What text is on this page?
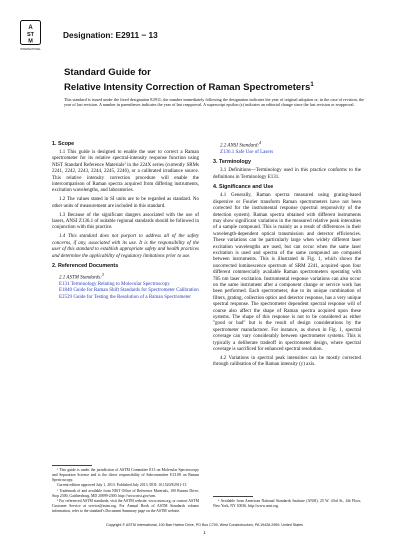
A
ST
M
INTERNATIONAL
Designation: E2911 − 13
Standard Guide for
Relative Intensity Correction of Raman Spectrometers$^1$
This standard is issued under the fixed designation E2911; the number immediately following the designation indicates the year of original adoption or, in the case of revision, the year of last revision. A number in parentheses indicates the year of last reapproval. A superscript epsilon (ε) indicates an editorial change since the last revision or reapproval.
1. Scope
1.1 This guide is designed to enable the user to correct a Raman spectrometer for its relative spectral-intensity response function using NIST Standard Reference Materials² in the 224X series (currently SRMs 2241, 2242, 2243, 2244, 2245, 2246), or a calibrated irradiance source. This relative intensity correction procedure will enable the intercomparison of Raman spectra acquired from differing instruments, excitation wavelengths, and laboratories.
1.2 The values stated in SI units are to be regarded as standard. No other units of measurement are included in this standard.
1.3 Because of the significant dangers associated with the use of lasers, ANSI Z136.1 of suitable regional standards should be followed in conjunction with this practice.
1.4 This standard does not purport to address all of the safety concerns, if any, associated with its use. It is the responsibility of the user of this standard to establish appropriate safety and health practices and determine the applicability of regulatory limitations prior to use.
2. Referenced Documents
2.1 ASTM Standards:$^3$
E131 Terminology Relating to Molecular Spectroscopy
E1840 Guide for Raman Shift Standards for Spectrometer Calibration
E2529 Guide for Testing the Resolution of a Raman Spectrometer
2.2 ANSI Standard:$^4$
Z136.1 Safe Use of Lasers
3. Terminology
3.1 Definitions—Terminology used in this practice conforms to the definitions in Terminology E131.
4. Significance and Use
4.1 Generally, Raman spectra measured using grating-based dispersive or Fourier transform Raman spectrometers have not been corrected for the instrumental response (spectral responsivity of the detection system). Raman spectra obtained with different instruments may show significant variations in the measured relative peak intensities of a sample compound. This is mainly as a result of differences in their wavelength-dependent optical transmission and detector efficiencies. These variations can be particularly large when widely different laser excitation wavelengths are used, but can occur when the same laser excitation is used and spectra of the same compound are compared between instruments. This is illustrated in Fig. 1, which shows the uncorrected luminescence spectrum of SRM 2241, acquired upon four different commercially available Raman spectrometers operating with 785 nm laser excitation. Instrumental response variations can also occur on the same instrument after a component change or service work has been performed. Each spectrometer, due to its unique combination of filters, grating, collection optics and detector response, has a very unique spectral response. The spectrometer dependent spectral response will of course also affect the shape of Raman spectra acquired upon these systems. The shape of this response is not to be considered as either "good or bad" but is the result of design considerations by the spectrometer manufacturer. For instance, as shown in Fig. 1, spectral coverage can vary considerably between spectrometer systems. This is typically a deliberate tradeoff in spectrometer design, where spectral coverage is sacrificed for enhanced spectral resolution.
4.2 Variations in spectral peak intensities can be mostly corrected through calibration of the Raman intensity (y) axis.
¹ This guide is under the jurisdiction of ASTM Committee E13 on Molecular Spectroscopy and Separation Science and is the direct responsibility of Subcommittee E13.08 on Raman Spectroscopy.
Current edition approved July 1, 2013. Published July 2013. DOI: 10.1520/E2911-13
² Trademark of and available from NIST Office of Reference Materials, 100 Bureau Drive, Stop 2300, Gaithersburg, MD 20899-2300. http://www.nist.gov/srm.
³ For referenced ASTM standards, visit the ASTM website, www.astm.org, or contact ASTM Customer Service at service@astm.org. For Annual Book of ASTM Standards volume information, refer to the standard's Document Summary page on the ASTM website.
⁴ Available from American National Standards Institute (ANSI), 25 W. 43rd St., 4th Floor, New York, NY 10036, http://www.ansi.org.
Copyright © ASTM International, 100 Barr Harbor Drive, PO Box C700, West Conshohocken, PA 19428-2959. United States
1
